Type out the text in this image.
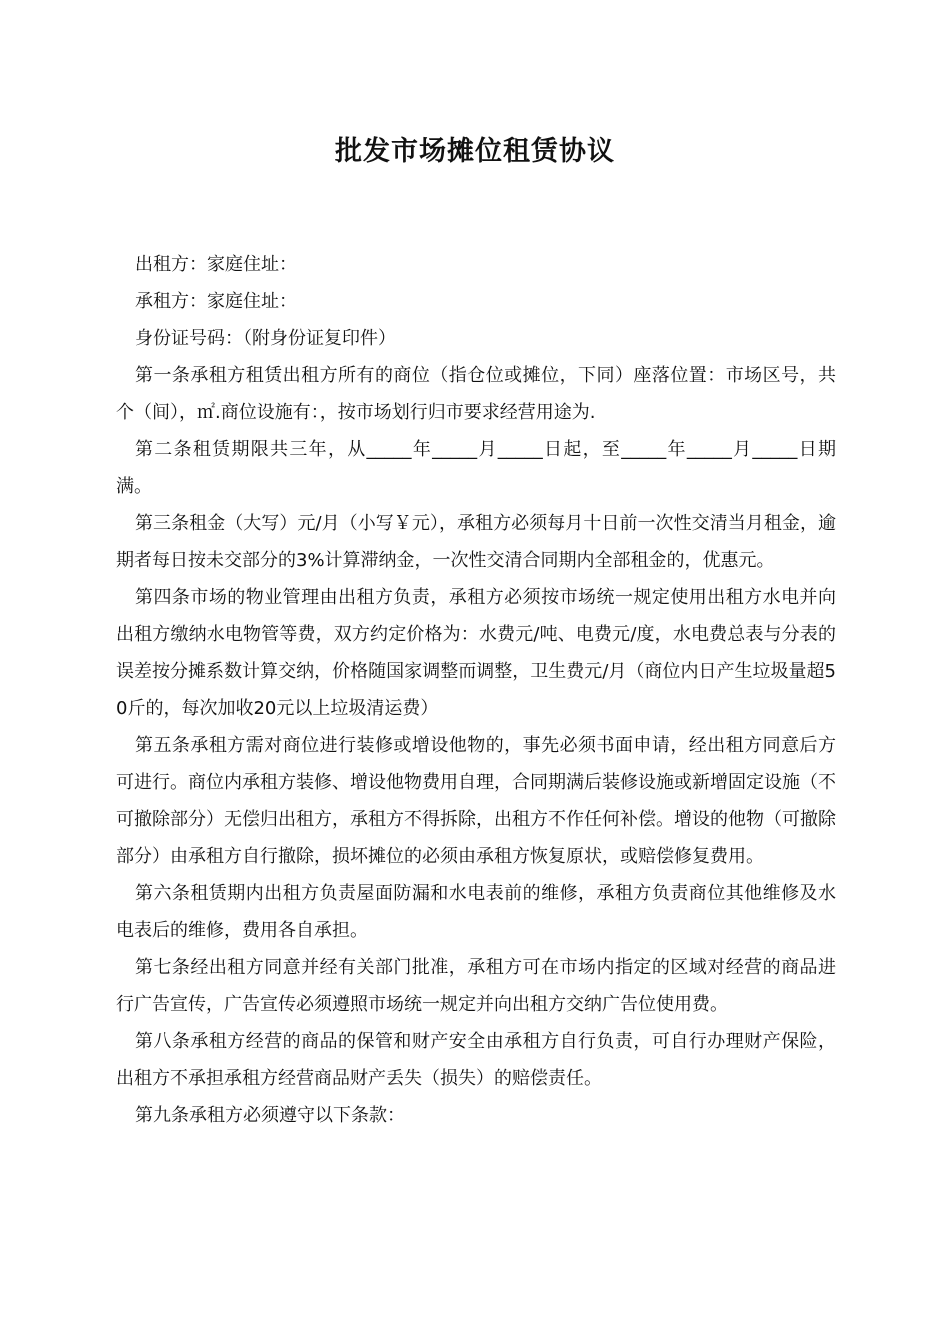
批发市场摊位租赁协议

出租方：家庭住址：

承租方：家庭住址：

身份证号码：（附身份证复印件）

第一条承租方租赁出租方所有的商位（指仓位或摊位，下同）座落位置：市场区号，共个（间），㎡.商位设施有：，按市场划行归市要求经营用途为.

第二条租赁期限共三年，从_____年_____月_____日起，至_____年_____月_____日期满。

第三条租金（大写）元/月（小写￥元），承租方必须每月十日前一次性交清当月租金，逾期者每日按未交部分的3%计算滞纳金，一次性交清合同期内全部租金的，优惠元。

第四条市场的物业管理由出租方负责，承租方必须按市场统一规定使用出租方水电并向出租方缴纳水电物管等费，双方约定价格为：水费元/吨、电费元/度，水电费总表与分表的误差按分摊系数计算交纳，价格随国家调整而调整，卫生费元/月（商位内日产生垃圾量超50斤的，每次加收20元以上垃圾清运费）

第五条承租方需对商位进行装修或增设他物的，事先必须书面申请，经出租方同意后方可进行。商位内承租方装修、增设他物费用自理，合同期满后装修设施或新增固定设施（不可撤除部分）无偿归出租方，承租方不得拆除，出租方不作任何补偿。增设的他物（可撤除部分）由承租方自行撤除，损坏摊位的必须由承租方恢复原状，或赔偿修复费用。

第六条租赁期内出租方负责屋面防漏和水电表前的维修，承租方负责商位其他维修及水电表后的维修，费用各自承担。

第七条经出租方同意并经有关部门批准，承租方可在市场内指定的区域对经营的商品进行广告宣传，广告宣传必须遵照市场统一规定并向出租方交纳广告位使用费。

第八条承租方经营的商品的保管和财产安全由承租方自行负责，可自行办理财产保险，出租方不承担承租方经营商品财产丢失（损失）的赔偿责任。

第九条承租方必须遵守以下条款：
